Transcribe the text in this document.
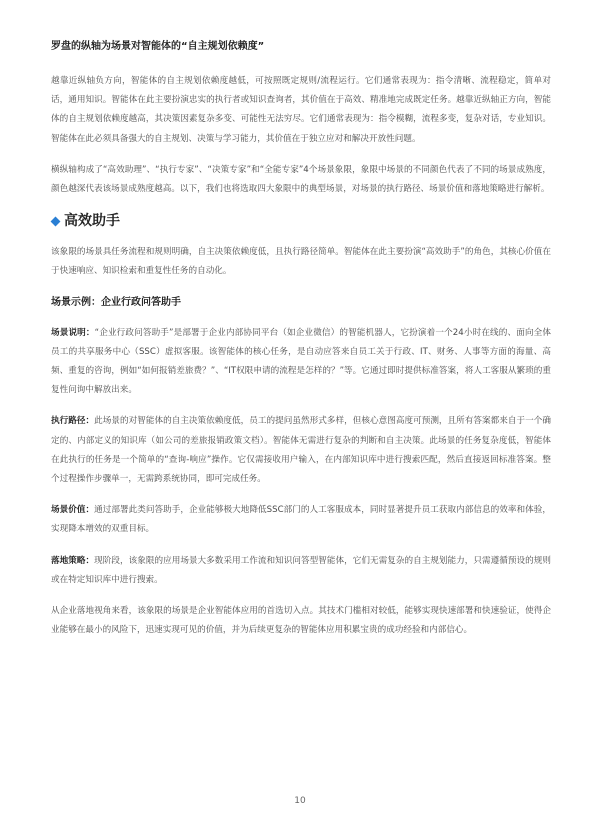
罗盘的纵轴为场景对智能体的“自主规划依赖度”

越靠近纵轴负方向，智能体的自主规划依赖度越低，可按照既定规则/流程运行。它们通常表现为：指令清晰、流程稳定，简单对话，通用知识。智能体在此主要扮演忠实的执行者或知识查询者，其价值在于高效、精准地完成既定任务。越靠近纵轴正方向，智能体的自主规划依赖度越高，其决策因素复杂多变、可能性无法穷尽。它们通常表现为：指令模糊，流程多变，复杂对话，专业知识。智能体在此必须具备强大的自主规划、决策与学习能力，其价值在于独立应对和解决开放性问题。

横纵轴构成了“高效助理”、“执行专家”、“决策专家”和“全能专家”4个场景象限，象限中场景的不同颜色代表了不同的场景成熟度，颜色越深代表该场景成熟度越高。以下，我们也将选取四大象限中的典型场景，对场景的执行路径、场景价值和落地策略进行解析。

高效助手

该象限的场景具任务流程和规则明确，自主决策依赖度低，且执行路径简单。智能体在此主要扮演“高效助手”的角色，其核心价值在于快速响应、知识检索和重复性任务的自动化。

场景示例：企业行政问答助手

场景说明：“企业行政问答助手”是部署于企业内部协同平台（如企业微信）的智能机器人，它扮演着一个24小时在线的、面向全体员工的共享服务中心（SSC）虚拟客服。该智能体的核心任务，是自动应答来自员工关于行政、IT、财务、人事等方面的海量、高频、重复的咨询，例如“如何报销差旅费？”、“IT权限申请的流程是怎样的？”等。它通过即时提供标准答案，将人工客服从繁琐的重复性问询中解放出来。

执行路径：此场景的对智能体的自主决策依赖度低，员工的提问虽然形式多样，但核心意图高度可预测，且所有答案都来自于一个确定的、内部定义的知识库（如公司的差旅报销政策文档）。智能体无需进行复杂的判断和自主决策。此场景的任务复杂度低，智能体在此执行的任务是一个简单的“查询-响应”操作。它仅需接收用户输入，在内部知识库中进行搜索匹配，然后直接返回标准答案。整个过程操作步骤单一，无需跨系统协同，即可完成任务。

场景价值：通过部署此类问答助手，企业能够极大地降低SSC部门的人工客服成本，同时显著提升员工获取内部信息的效率和体验，实现降本增效的双重目标。

落地策略：现阶段，该象限的应用场景大多数采用工作流和知识问答型智能体，它们无需复杂的自主规划能力，只需遵循预设的规则或在特定知识库中进行搜索。

从企业落地视角来看，该象限的场景是企业智能体应用的首选切入点。其技术门槛相对较低，能够实现快速部署和快速验证，使得企业能够在最小的风险下，迅速实现可见的价值，并为后续更复杂的智能体应用积累宝贵的成功经验和内部信心。

10
